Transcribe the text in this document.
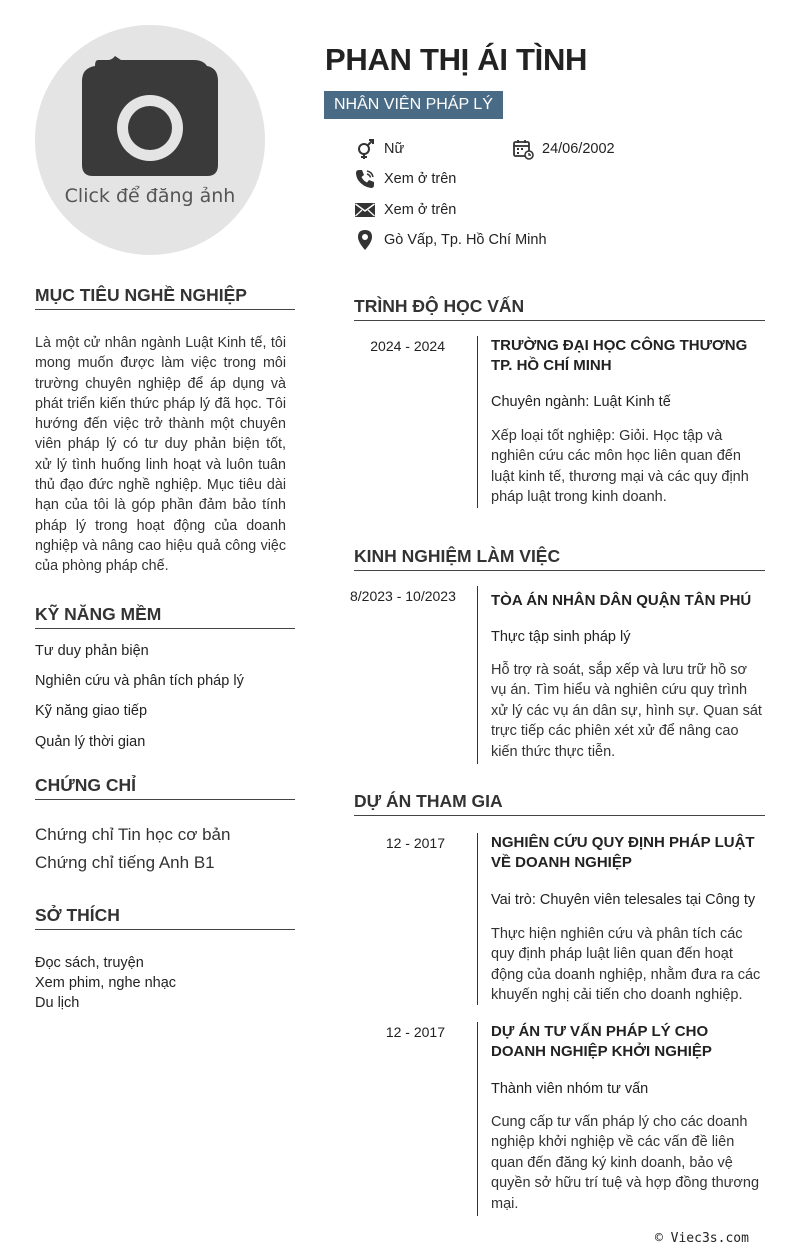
Click để đăng ảnh
PHAN THỊ ÁI TÌNH
NHÂN VIÊN PHÁP LÝ
Nữ	24/06/2002
Xem ở trên
Xem ở trên
Gò Vấp, Tp. Hồ Chí Minh
MỤC TIÊU NGHỀ NGHIỆP
Là một cử nhân ngành Luật Kinh tế, tôi mong muốn được làm việc trong môi trường chuyên nghiệp để áp dụng và phát triển kiến thức pháp lý đã học. Tôi hướng đến việc trở thành một chuyên viên pháp lý có tư duy phản biện tốt, xử lý tình huống linh hoạt và luôn tuân thủ đạo đức nghề nghiệp. Mục tiêu dài hạn của tôi là góp phần đảm bảo tính pháp lý trong hoạt động của doanh nghiệp và nâng cao hiệu quả công việc của phòng pháp chế.
KỸ NĂNG MỀM
Tư duy phản biện
Nghiên cứu và phân tích pháp lý
Kỹ năng giao tiếp
Quản lý thời gian
CHỨNG CHỈ
Chứng chỉ Tin học cơ bản
Chứng chỉ tiếng Anh B1
SỞ THÍCH
Đọc sách, truyện
Xem phim, nghe nhạc
Du lịch
TRÌNH ĐỘ HỌC VẤN
2024 - 2024	TRƯỜNG ĐẠI HỌC CÔNG THƯƠNG TP. HỒ CHÍ MINH
Chuyên ngành: Luật Kinh tế
Xếp loại tốt nghiệp: Giỏi. Học tập và nghiên cứu các môn học liên quan đến luật kinh tế, thương mại và các quy định pháp luật trong kinh doanh.
KINH NGHIỆM LÀM VIỆC
8/2023 - 10/2023 TÒA ÁN NHÂN DÂN QUẬN TÂN PHÚ
Thực tập sinh pháp lý
Hỗ trợ rà soát, sắp xếp và lưu trữ hồ sơ vụ án. Tìm hiểu và nghiên cứu quy trình xử lý các vụ án dân sự, hình sự. Quan sát trực tiếp các phiên xét xử để nâng cao kiến thức thực tiễn.
DỰ ÁN THAM GIA
12 - 2017	NGHIÊN CỨU QUY ĐỊNH PHÁP LUẬT VỀ DOANH NGHIỆP
Vai trò: Chuyên viên telesales tại Công ty
Thực hiện nghiên cứu và phân tích các quy định pháp luật liên quan đến hoạt động của doanh nghiệp, nhằm đưa ra các khuyến nghị cải tiến cho doanh nghiệp.
12 - 2017	DỰ ÁN TƯ VẤN PHÁP LÝ CHO DOANH NGHIỆP KHỞI NGHIỆP
Thành viên nhóm tư vấn
Cung cấp tư vấn pháp lý cho các doanh nghiệp khởi nghiệp về các vấn đề liên quan đến đăng ký kinh doanh, bảo vệ quyền sở hữu trí tuệ và hợp đồng thương mại.
© Viec3s.com
